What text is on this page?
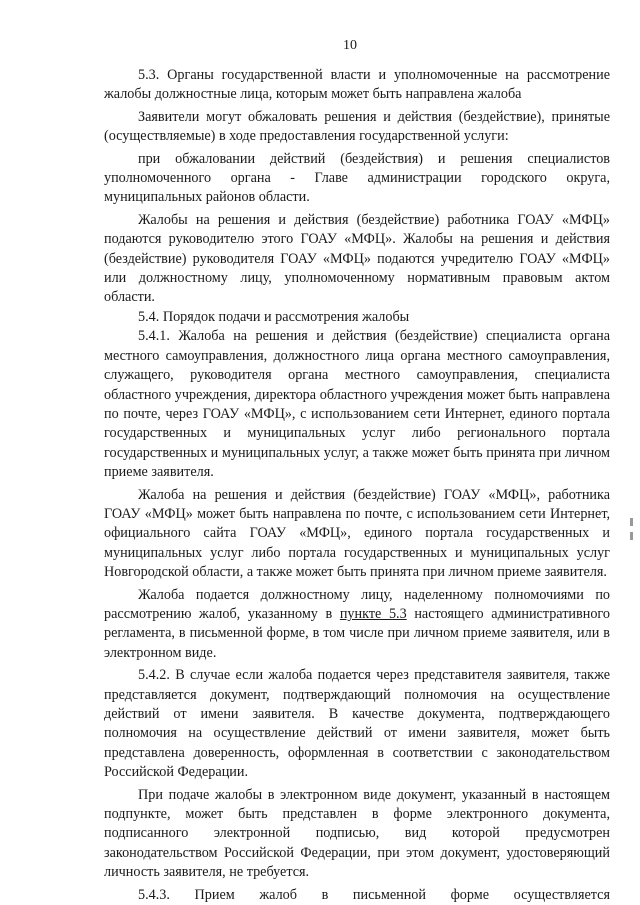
10

5.3. Органы государственной власти и уполномоченные на рассмотрение жалобы должностные лица, которым может быть направлена жалоба

Заявители могут обжаловать решения и действия (бездействие), принятые (осуществляемые) в ходе предоставления государственной услуги:

при обжаловании действий (бездействия) и решения специалистов уполномоченного органа - Главе администрации городского округа, муниципальных районов области.

Жалобы на решения и действия (бездействие) работника ГОАУ «МФЦ» подаются руководителю этого ГОАУ «МФЦ». Жалобы на решения и действия (бездействие) руководителя ГОАУ «МФЦ» подаются учредителю ГОАУ «МФЦ» или должностному лицу, уполномоченному нормативным правовым актом области.

5.4. Порядок подачи и рассмотрения жалобы

5.4.1. Жалоба на решения и действия (бездействие) специалиста органа местного самоуправления, должностного лица органа местного самоуправления, служащего, руководителя органа местного самоуправления, специалиста областного учреждения, директора областного учреждения может быть направлена по почте, через ГОАУ «МФЦ», с использованием сети Интернет, единого портала государственных и муниципальных услуг либо регионального портала государственных и муниципальных услуг, а также может быть принята при личном приеме заявителя.

Жалоба на решения и действия (бездействие) ГОАУ «МФЦ», работника ГОАУ «МФЦ» может быть направлена по почте, с использованием сети Интернет, официального сайта ГОАУ «МФЦ», единого портала государственных и муниципальных услуг либо портала государственных и муниципальных услуг Новгородской области, а также может быть принята при личном приеме заявителя.

Жалоба подается должностному лицу, наделенному полномочиями по рассмотрению жалоб, указанному в пункте 5.3 настоящего административного регламента, в письменной форме, в том числе при личном приеме заявителя, или в электронном виде.

5.4.2. В случае если жалоба подается через представителя заявителя, также представляется документ, подтверждающий полномочия на осуществление действий от имени заявителя. В качестве документа, подтверждающего полномочия на осуществление действий от имени заявителя, может быть представлена доверенность, оформленная в соответствии с законодательством Российской Федерации.

При подаче жалобы в электронном виде документ, указанный в настоящем подпункте, может быть представлен в форме электронного документа, подписанного электронной подписью, вид которой предусмотрен законодательством Российской Федерации, при этом документ, удостоверяющий личность заявителя, не требуется.

5.4.3. Прием жалоб в письменной форме осуществляется
